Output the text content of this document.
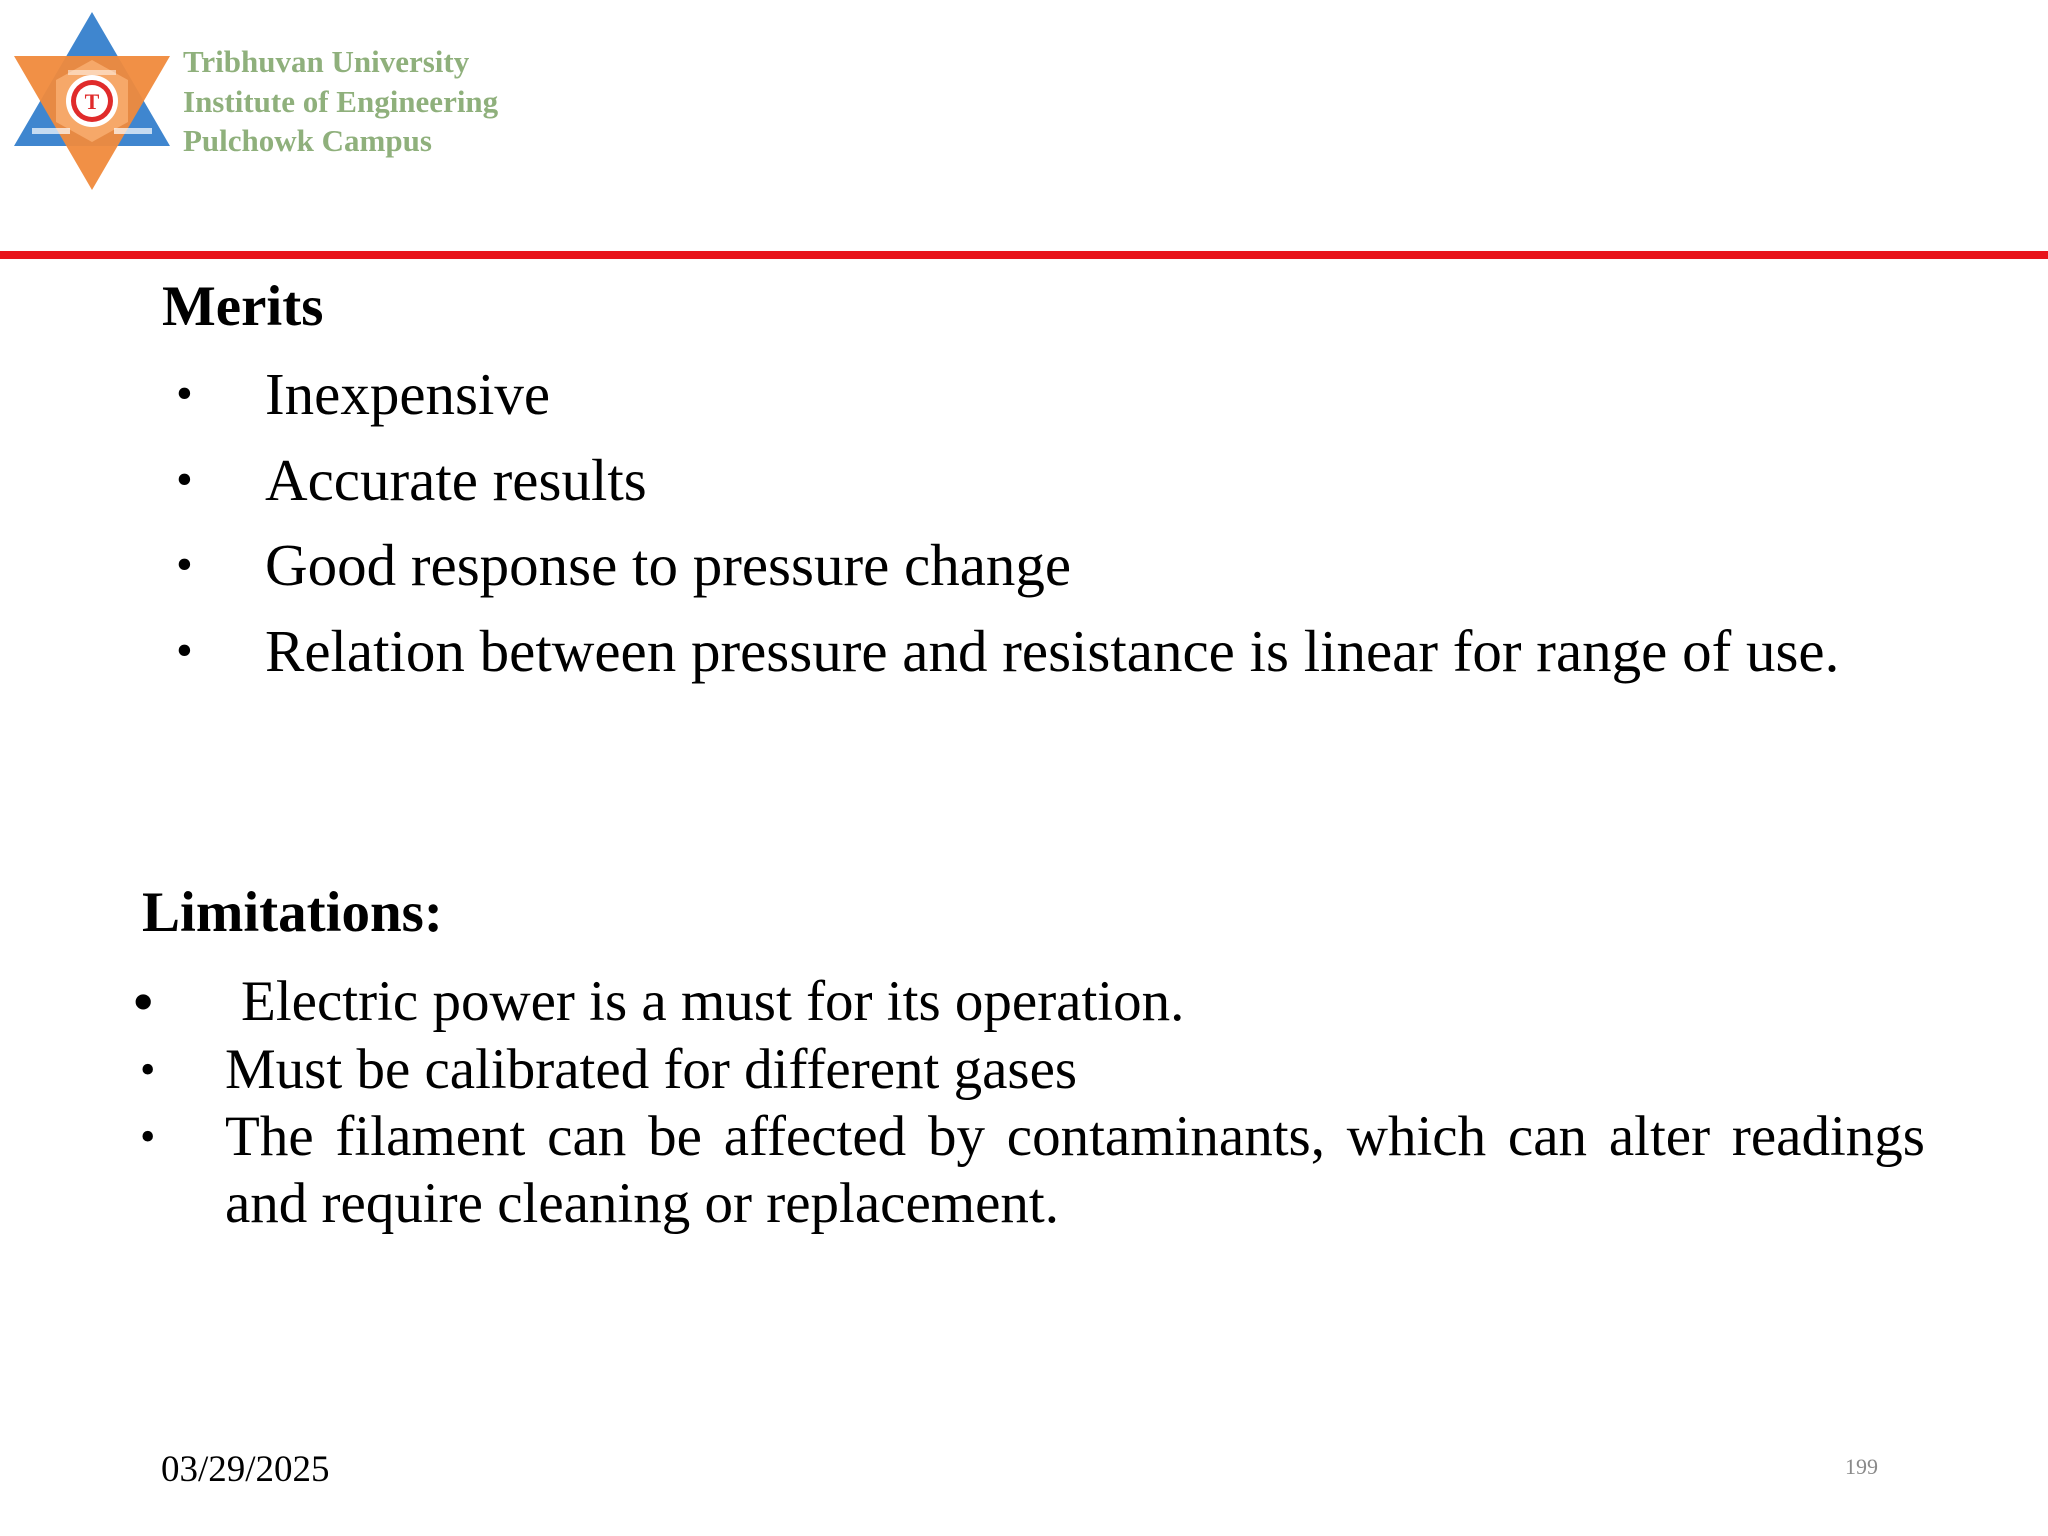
T
Tribhuvan University
Institute of Engineering
Pulchowk Campus
Merits
• Inexpensive
• Accurate results
• Good response to pressure change
• Relation between pressure and resistance is linear for range of use.
Limitations:
• Electric power is a must for its operation.
• Must be calibrated for different gases
• The filament can be affected by contaminants, which can alter readings and require cleaning or replacement.
03/29/2025	199
